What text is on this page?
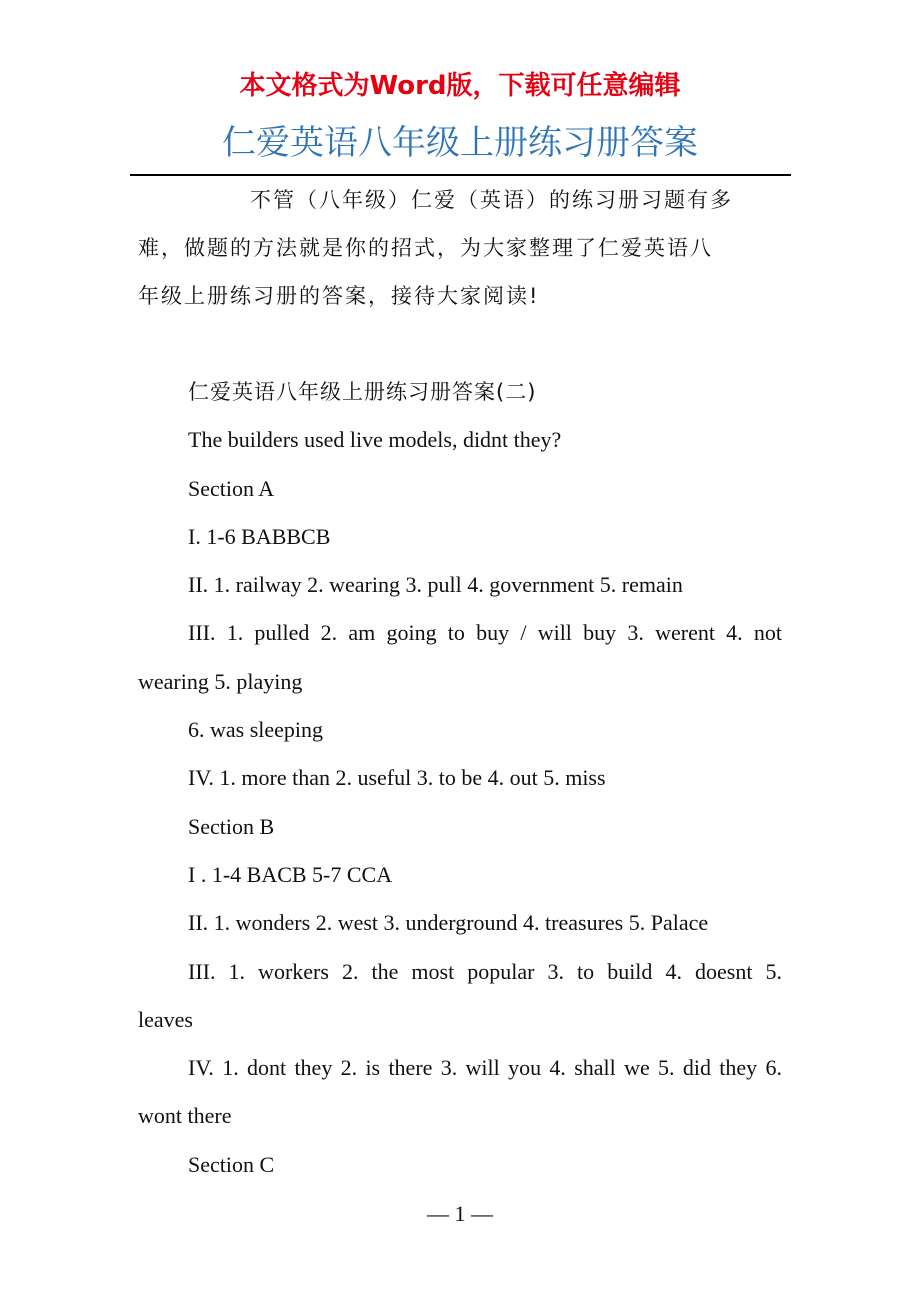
本文格式为Word版，下载可任意编辑
仁爱英语八年级上册练习册答案

不管（八年级）仁爱（英语）的练习册习题有多

难，做题的方法就是你的招式，为大家整理了仁爱英语八

年级上册练习册的答案，接待大家阅读!

仁爱英语八年级上册练习册答案(二)

The builders used live models, didnt they?

Section A

I. 1-6 BABBCB

II. 1. railway 2. wearing 3. pull 4. government 5. remain

III. 1. pulled 2. am going to buy / will buy 3. werent 4. not

wearing 5. playing

6. was sleeping

IV. 1. more than 2. useful 3. to be 4. out 5. miss

Section B

I . 1-4 BACB 5-7 CCA

II. 1. wonders 2. west 3. underground 4. treasures 5. Palace

III. 1. workers 2. the most popular 3. to build 4. doesnt 5.

leaves

IV. 1. dont they 2. is there 3. will you 4. shall we 5. did they 6.

wont there

Section C

— 1 —
